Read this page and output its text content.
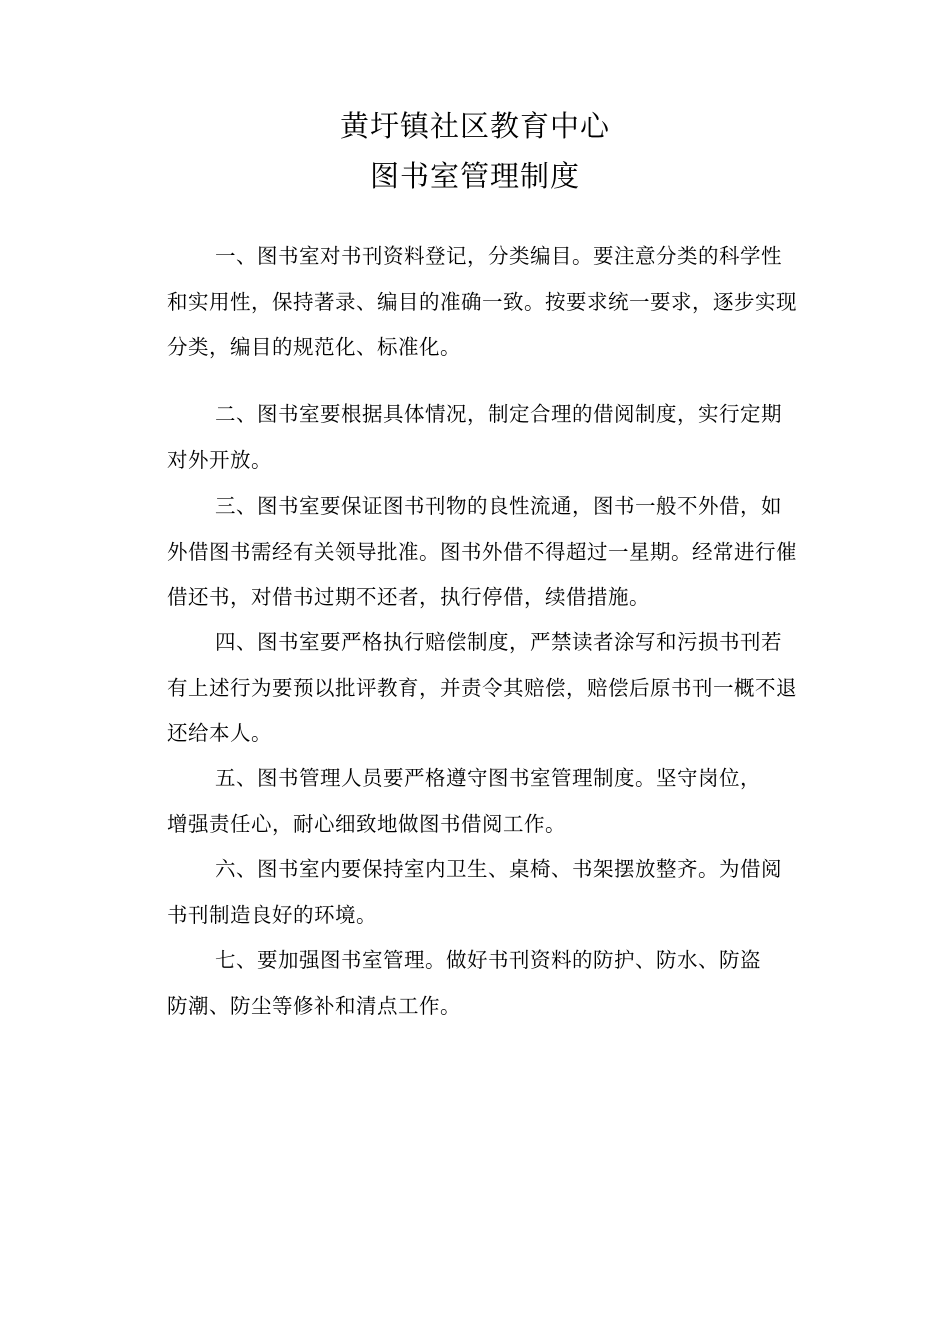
黄圩镇社区教育中心
图书室管理制度
一、图书室对书刊资料登记，分类编目。要注意分类的科学性
和实用性，保持著录、编目的准确一致。按要求统一要求，逐步实现
分类，编目的规范化、标准化。
二、图书室要根据具体情况，制定合理的借阅制度，实行定期
对外开放。
三、图书室要保证图书刊物的良性流通，图书一般不外借，如
外借图书需经有关领导批准。图书外借不得超过一星期。经常进行催
借还书，对借书过期不还者，执行停借，续借措施。
四、图书室要严格执行赔偿制度，严禁读者涂写和污损书刊若
有上述行为要预以批评教育，并责令其赔偿，赔偿后原书刊一概不退
还给本人。
五、图书管理人员要严格遵守图书室管理制度。坚守岗位，
增强责任心，耐心细致地做图书借阅工作。
六、图书室内要保持室内卫生、桌椅、书架摆放整齐。为借阅
书刊制造良好的环境。
七、要加强图书室管理。做好书刊资料的防护、防水、防盗
防潮、防尘等修补和清点工作。
